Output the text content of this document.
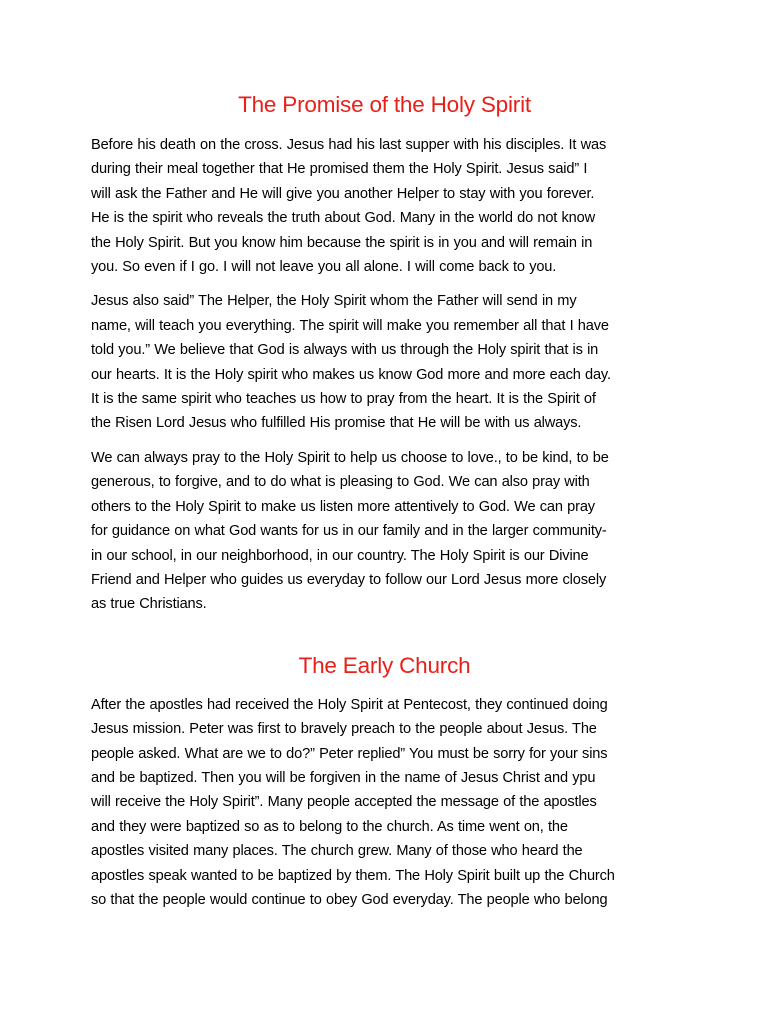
The Promise of the Holy Spirit

Before his death on the cross. Jesus had his last supper with his disciples. It was
during their meal together that He promised them the Holy Spirit. Jesus said” I
will ask the Father and He will give you another Helper to stay with you forever.
He is the spirit who reveals the truth about God. Many in the world do not know
the Holy Spirit. But you know him because the spirit is in you and will remain in
you. So even if I go. I will not leave you all alone. I will come back to you.

Jesus also said” The Helper, the Holy Spirit whom the Father will send in my
name, will teach you everything. The spirit will make you remember all that I have
told you.” We believe that God is always with us through the Holy spirit that is in
our hearts. It is the Holy spirit who makes us know God more and more each day.
It is the same spirit who teaches us how to pray from the heart. It is the Spirit of
the Risen Lord Jesus who fulfilled His promise that He will be with us always.

We can always pray to the Holy Spirit to help us choose to love., to be kind, to be
generous, to forgive, and to do what is pleasing to God. We can also pray with
others to the Holy Spirit to make us listen more attentively to God. We can pray
for guidance on what God wants for us in our family and in the larger community-
in our school, in our neighborhood, in our country. The Holy Spirit is our Divine
Friend and Helper who guides us everyday to follow our Lord Jesus more closely
as true Christians.

The Early Church

After the apostles had received the Holy Spirit at Pentecost, they continued doing
Jesus mission. Peter was first to bravely preach to the people about Jesus. The
people asked. What are we to do?” Peter replied” You must be sorry for your sins
and be baptized. Then you will be forgiven in the name of Jesus Christ and ypu
will receive the Holy Spirit”. Many people accepted the message of the apostles
and they were baptized so as to belong to the church. As time went on, the
apostles visited many places. The church grew. Many of those who heard the
apostles speak wanted to be baptized by them. The Holy Spirit built up the Church
so that the people would continue to obey God everyday. The people who belong
